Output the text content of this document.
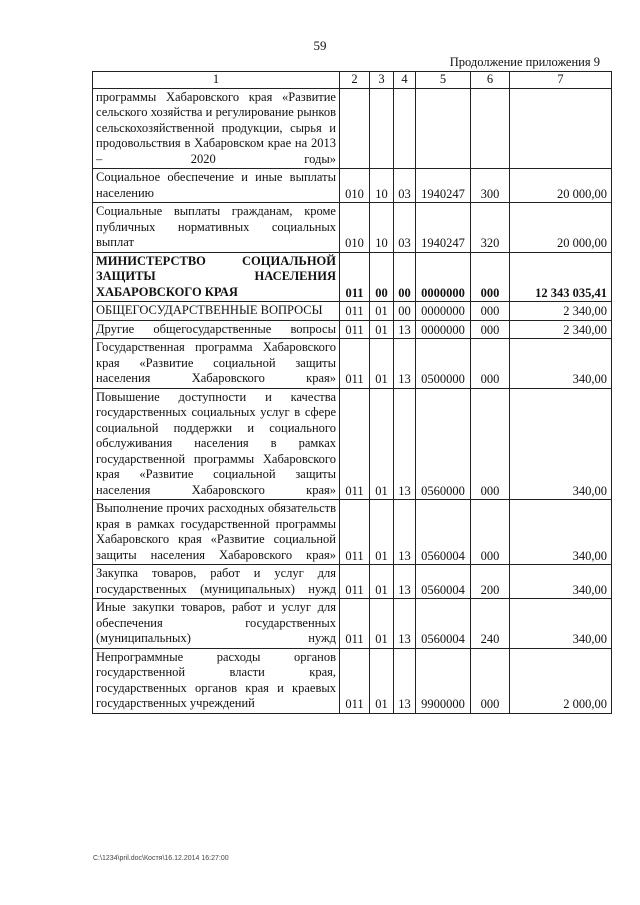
59
Продолжение приложения 9
1	2	3	4	5	6	7
программы Хабаровского края «Развитие сельского хозяйства и регулирование рынков сельскохозяйственной продукции, сырья и продовольствия в Хабаровском крае на 2013 – 2020 годы»						
Социальное обеспечение и иные выплаты населению	010	10	03	1940247	300	20 000,00
Социальные выплаты гражданам, кроме публичных нормативных социальных выплат	010	10	03	1940247	320	20 000,00
МИНИСТЕРСТВО СОЦИАЛЬНОЙ ЗАЩИТЫ НАСЕЛЕНИЯ ХАБАРОВСКОГО КРАЯ	011	00	00	0000000	000	12 343 035,41
ОБЩЕГОСУДАРСТВЕННЫЕ ВОПРОСЫ	011	01	00	0000000	000	2 340,00
Другие общегосударственные вопросы	011	01	13	0000000	000	2 340,00
Государственная программа Хабаровского края «Развитие социальной защиты населения Хабаровского края»	011	01	13	0500000	000	340,00
Повышение доступности и качества государственных социальных услуг в сфере социальной поддержки и социального обслуживания населения в рамках государственной программы Хабаровского края «Развитие социальной защиты населения Хабаровского края»	011	01	13	0560000	000	340,00
Выполнение прочих расходных обязательств края в рамках государственной программы Хабаровского края «Развитие социальной защиты населения Хабаровского края»	011	01	13	0560004	000	340,00
Закупка товаров, работ и услуг для государственных (муниципальных) нужд	011	01	13	0560004	200	340,00
Иные закупки товаров, работ и услуг для обеспечения государственных (муниципальных) нужд	011	01	13	0560004	240	340,00
Непрограммные расходы органов государственной власти края, государственных органов края и краевых государственных учреждений	011	01	13	9900000	000	2 000,00
C:\1234\pril.doc\Костя\16.12.2014 16:27:00
